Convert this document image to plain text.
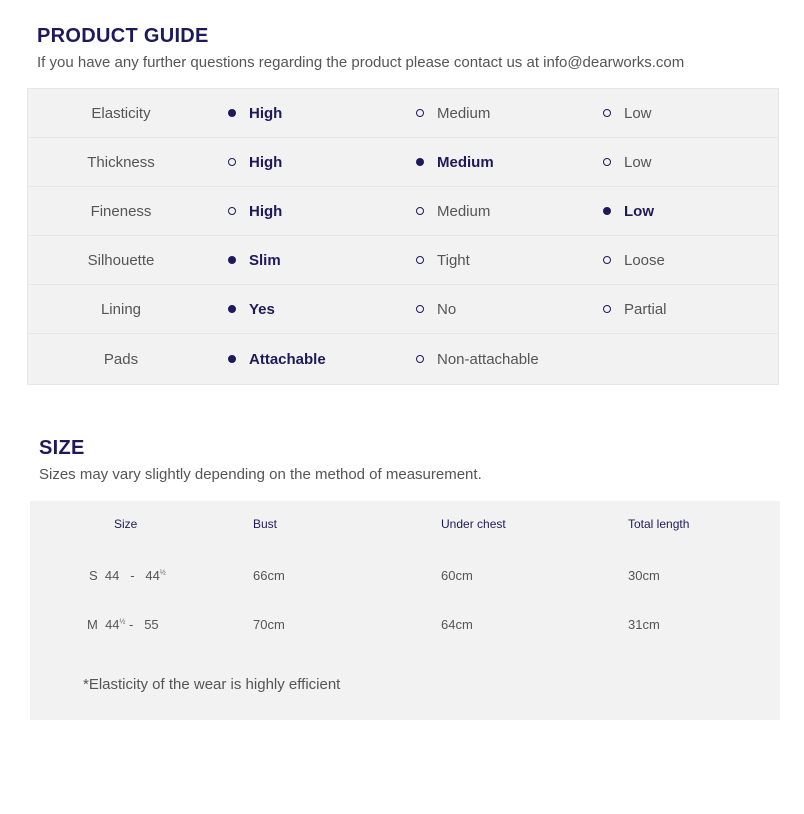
PRODUCT GUIDE

If you have any further questions regarding the product please contact us at info@dearworks.com

Elasticity	High	Medium	Low
Thickness	High	Medium	Low
Fineness	High	Medium	Low
Silhouette	Slim	Tight	Loose
Lining	Yes	No	Partial
Pads	Attachable	Non-attachable
SIZE

Sizes may vary slightly depending on the method of measurement.

Size	Bust	Under chest	Total length
S $44 - 44^{\frac{1}{2}}$	66cm	60cm	30cm
M $44^{\frac{1}{2}} - 55$	70cm	64cm	31cm
*Elasticity of the wear is highly efficient
